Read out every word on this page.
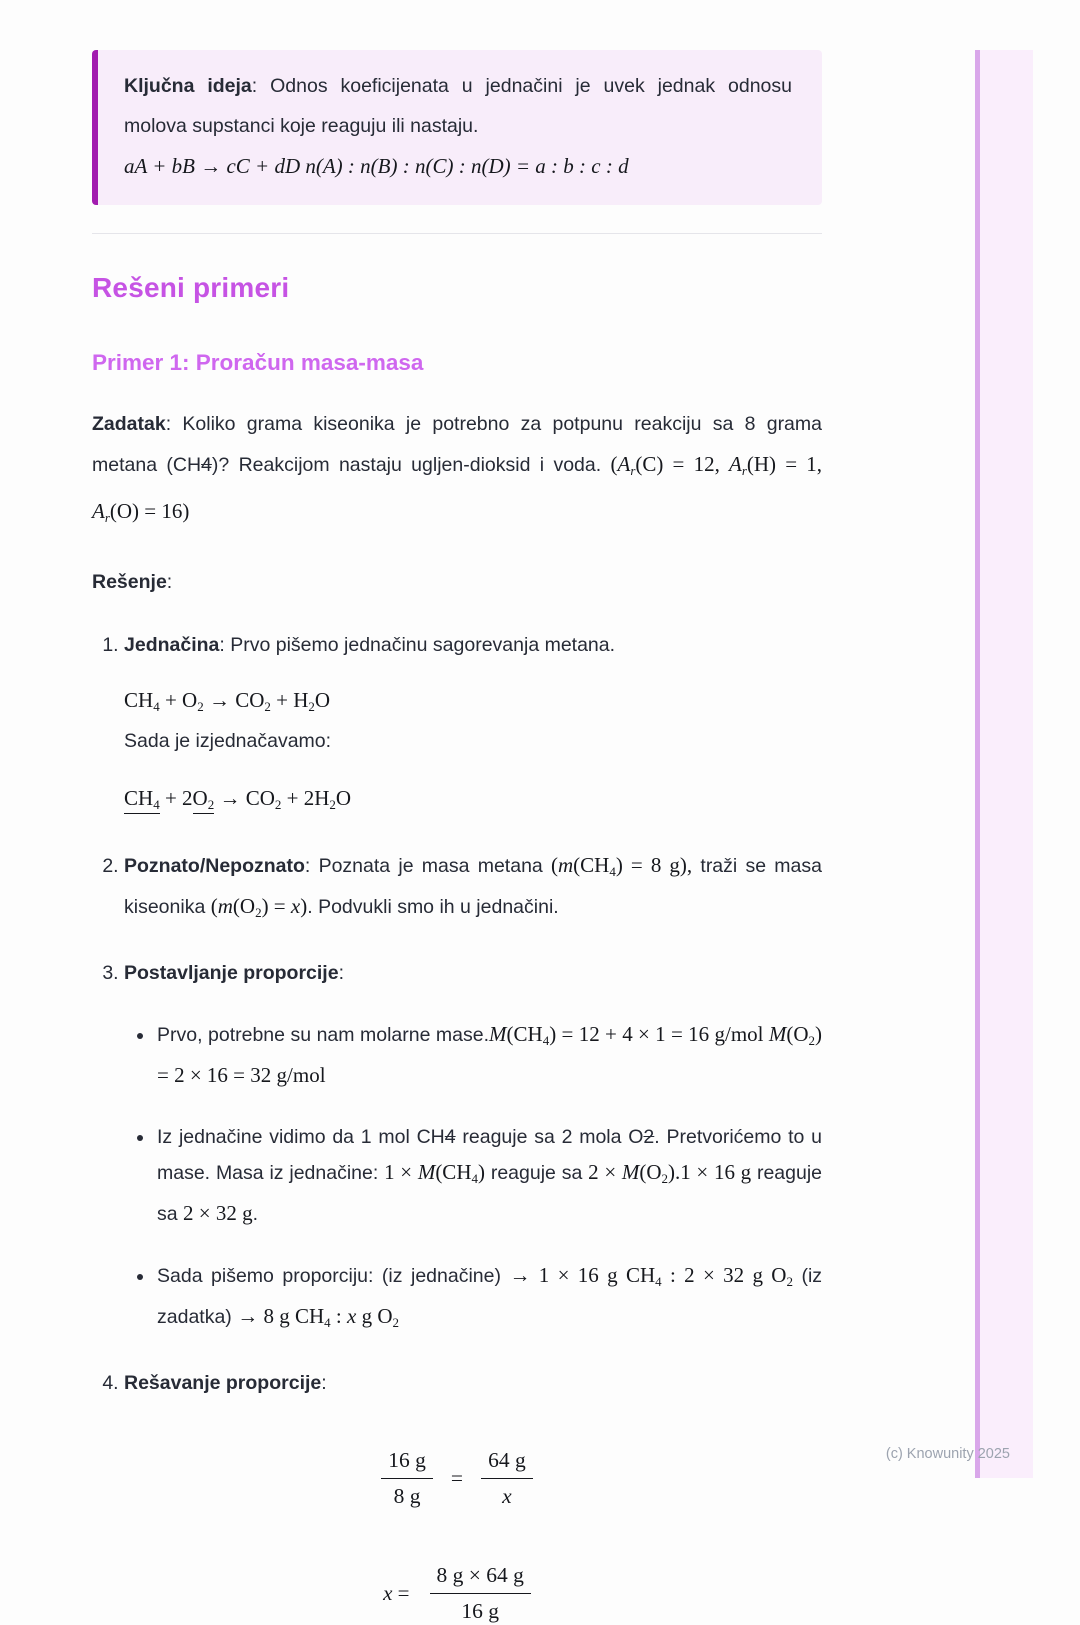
Ključna ideja: Odnos koeficijenata u jednačini je uvek jednak odnosu molova supstanci koje reaguju ili nastaju.

aA + bB → cC + dD n(A) : n(B) : n(C) : n(D) = a : b : c : d

Rešeni primeri
Primer 1: Proračun masa-masa

Zadatak: Koliko grama kiseonika je potrebno za potpunu reakciju sa 8 grama metana (CH4)? Reakcijom nastaju ugljen-dioksid i voda. ($A_r(C) = 12$, $A_r(H) = 1$, $A_r(O) = 16$)

Rešenje:

1. Jednačina: Prvo pišemo jednačinu sagorevanja metana.

$CH_4 + O_2 \to CO_2 + H_2O$

Sada je izjednačavamo:

$CH_4 + 2O_2 \to CO_2 + 2H_2O$

2. Poznato/Nepoznato: Poznata je masa metana ($m(CH_4) = 8$ g), traži se masa kiseonika $(m(O_2) = x)$. Podvukli smo ih u jednačini.

3. Postavljanje proporcije:

• Prvo, potrebne su nam molarne $mase.M(CH_4) = 12 + 4 \times 1 = 16$ g/mol $M(O_2) = 2 \times 16 = 32$ g/mol

• Iz jednačine vidimo da 1 mol CH4 reaguje sa 2 mola O2. Pretvorićemo to u mase. Masa iz jednačine: $1 \times M(CH_4)$ reaguje sa $2 \times M(O_2).1 \times 16$ g reaguje sa 2 × 32 g.

• Sada pišemo proporciju: (iz jednačine) → 1 × 16 g $CH_4$ : 2 × 32 g $O_2$ (iz zadatka) → 8 g $CH_4$ : x g $O_2$

4. Rešavanje proporcije:

$\frac{16 g}{8 g} = \frac{64 g}{x}$
$x = \frac{8 g \times 64 g}{16 g}$
(c) Knowunity 2025
